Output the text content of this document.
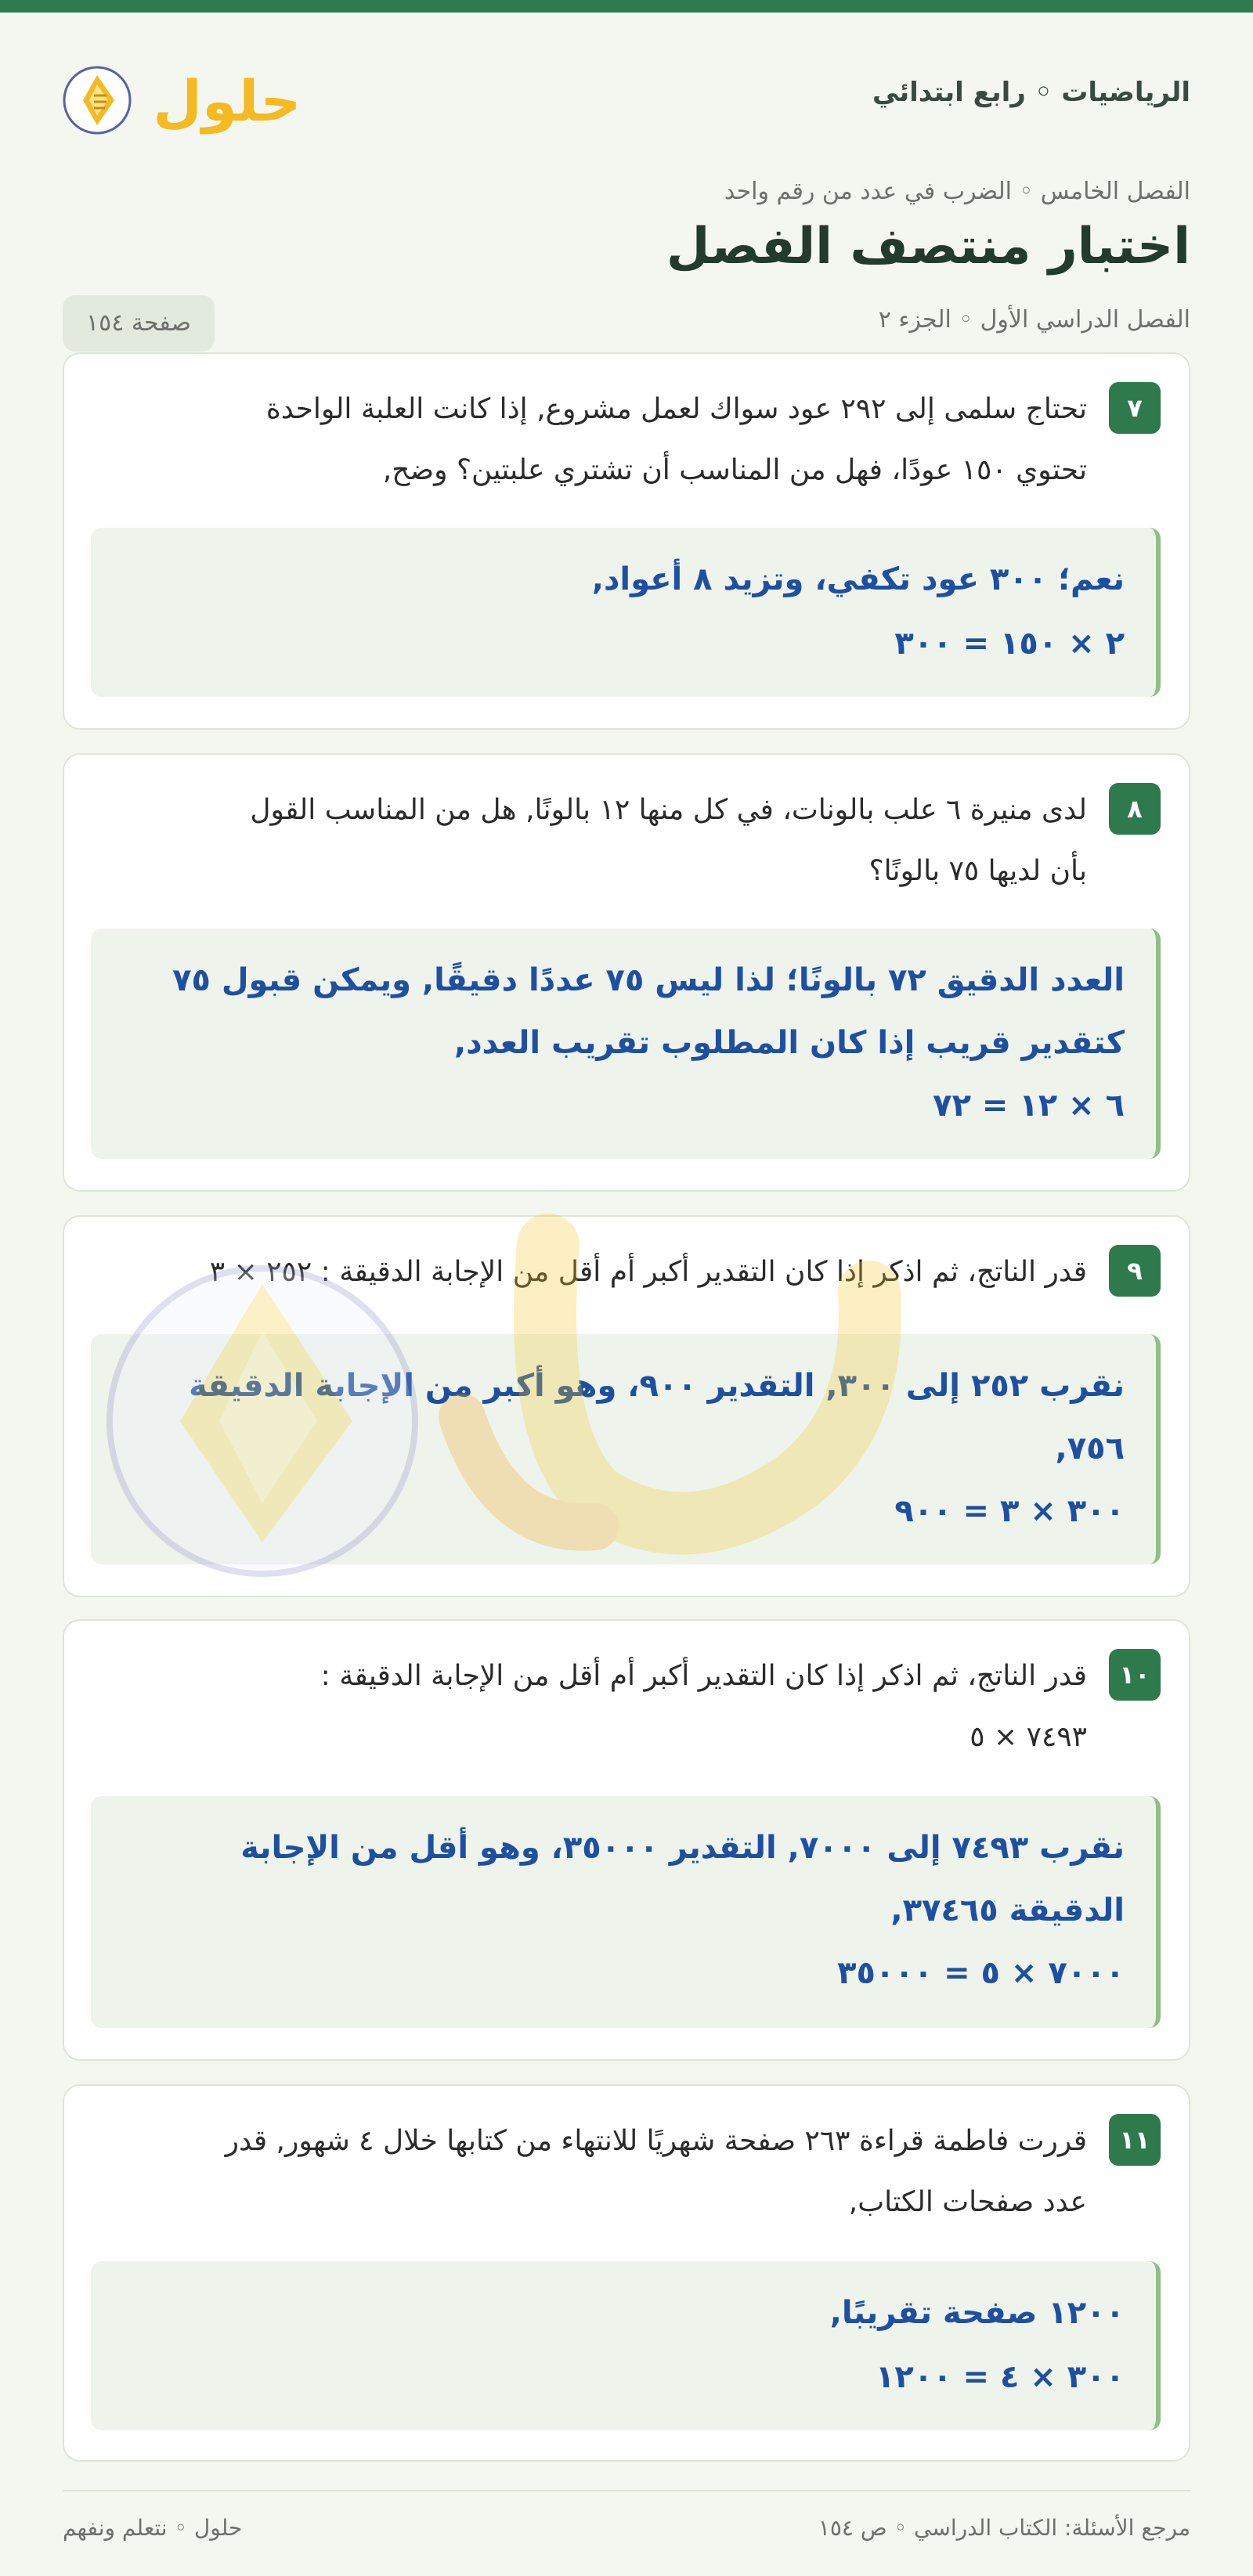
الرياضيات ◦ رابع ابتدائي
حلول
الفصل الخامس ◦ الضرب في عدد من رقم واحد
اختبار منتصف الفصل
الفصل الدراسي الأول ◦ الجزء ٢
صفحة ١٥٤
٧
تحتاج سلمى إلى ٢٩٢ عود سواك لعمل مشروع, إذا كانت العلبة الواحدة
تحتوي ١٥٠ عودًا، فهل من المناسب أن تشتري علبتين؟ وضح,
نعم؛ ٣٠٠ عود تكفي، وتزيد ٨ أعواد,
٢ × ١٥٠ = ٣٠٠
٨
لدى منيرة ٦ علب بالونات، في كل منها ١٢ بالونًا, هل من المناسب القول
بأن لديها ٧٥ بالونًا؟
العدد الدقيق ٧٢ بالونًا؛ لذا ليس ٧٥ عددًا دقيقًا, ويمكن قبول ٧٥
كتقدير قريب إذا كان المطلوب تقريب العدد,
٦ × ١٢ = ٧٢
٩
قدر الناتج، ثم اذكر إذا كان التقدير أكبر أم أقل من الإجابة الدقيقة : ٢٥٢ × ٣
نقرب ٢٥٢ إلى ٣٠٠, التقدير ٩٠٠، وهو أكبر من الإجابة الدقيقة
٧٥٦,
٣٠٠ × ٣ = ٩٠٠
١٠
قدر الناتج، ثم اذكر إذا كان التقدير أكبر أم أقل من الإجابة الدقيقة :
٧٤٩٣ × ٥
نقرب ٧٤٩٣ إلى ٧٠٠٠, التقدير ٣٥٠٠٠، وهو أقل من الإجابة
الدقيقة ٣٧٤٦٥,
٧٠٠٠ × ٥ = ٣٥٠٠٠
١١
قررت فاطمة قراءة ٢٦٣ صفحة شهريًا للانتهاء من كتابها خلال ٤ شهور, قدر
عدد صفحات الكتاب,
١٢٠٠ صفحة تقريبًا,
٣٠٠ × ٤ = ١٢٠٠
مرجع الأسئلة: الكتاب الدراسي ◦ ص ١٥٤
حلول ◦ نتعلم ونفهم
